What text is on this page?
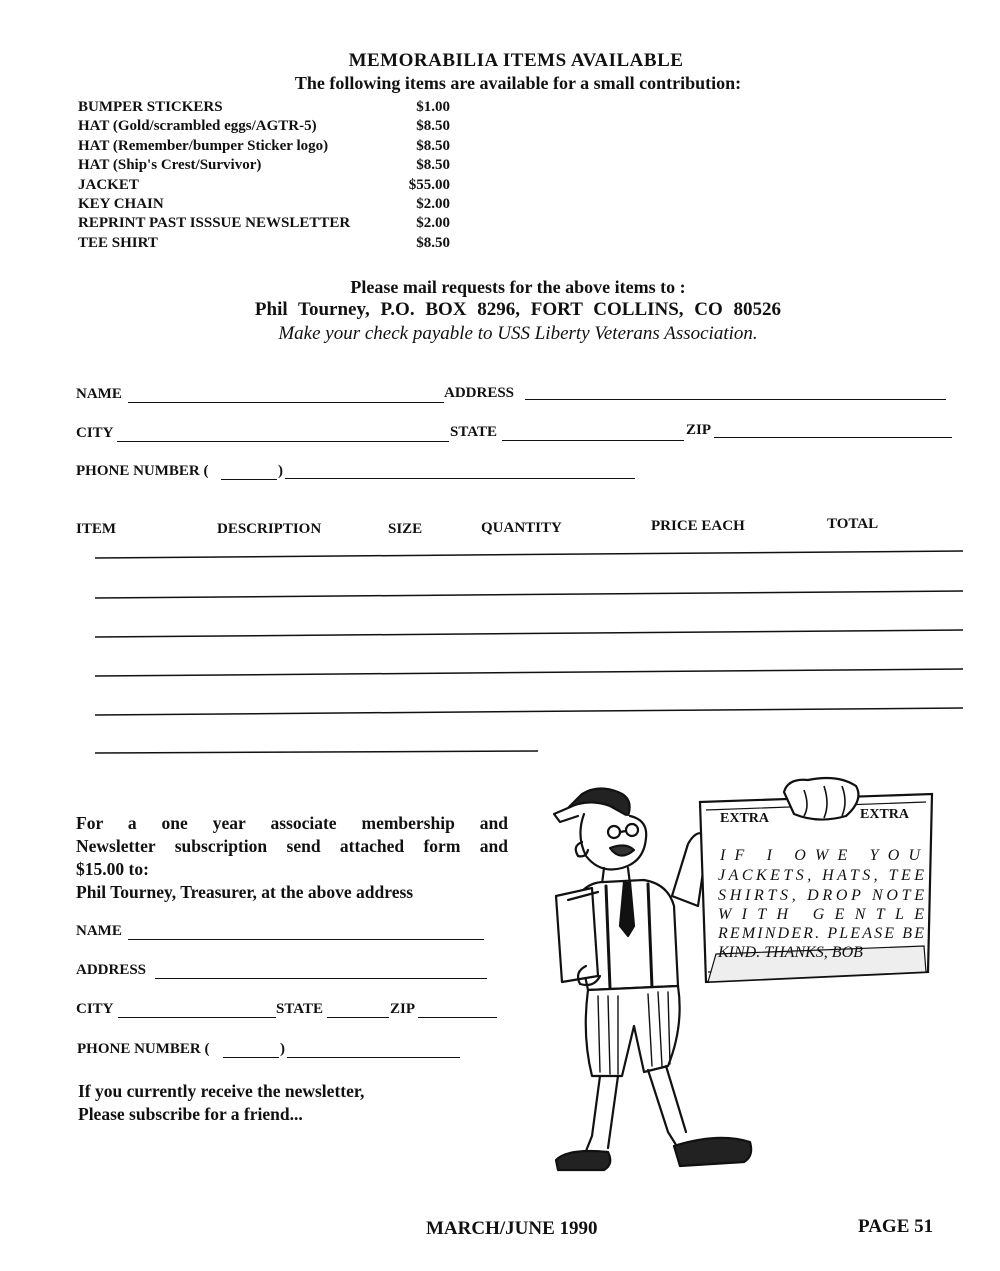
MEMORABILIA ITEMS AVAILABLE
The following items are available for a small contribution:
BUMPER STICKERS	$1.00
HAT (Gold/scrambled eggs/AGTR-5)	$8.50
HAT (Remember/bumper Sticker logo)	$8.50
HAT (Ship's Crest/Survivor)	$8.50
JACKET	$55.00
KEY CHAIN	$2.00
REPRINT PAST ISSSUE NEWSLETTER	$2.00
TEE SHIRT	$8.50
Please mail requests for the above items to :
Phil Tourney, P.O. BOX 8296, FORT COLLINS, CO 80526
Make your check payable to USS Liberty Veterans Association.
NAME	ADDRESS
CITY	STATE	ZIP
PHONE NUMBER (	)
ITEM	DESCRIPTION	SIZE	QUANTITY	PRICE EACH	TOTAL
For a one year associate membership and
Newsletter subscription send attached form and
$15.00 to:
Phil Tourney, Treasurer, at the above address
NAME
ADDRESS
CITY	STATE	ZIP
PHONE NUMBER (	)
If you currently receive the newsletter,
Please subscribe for a friend...
EXTRA	EXTRA
IF I OWE YOU
JACKETS, HATS, TEE
SHIRTS, DROP NOTE
WITH GENTLE
REMINDER. PLEASE BE
KIND. THANKS, BOB
MARCH/JUNE 1990	PAGE 51
